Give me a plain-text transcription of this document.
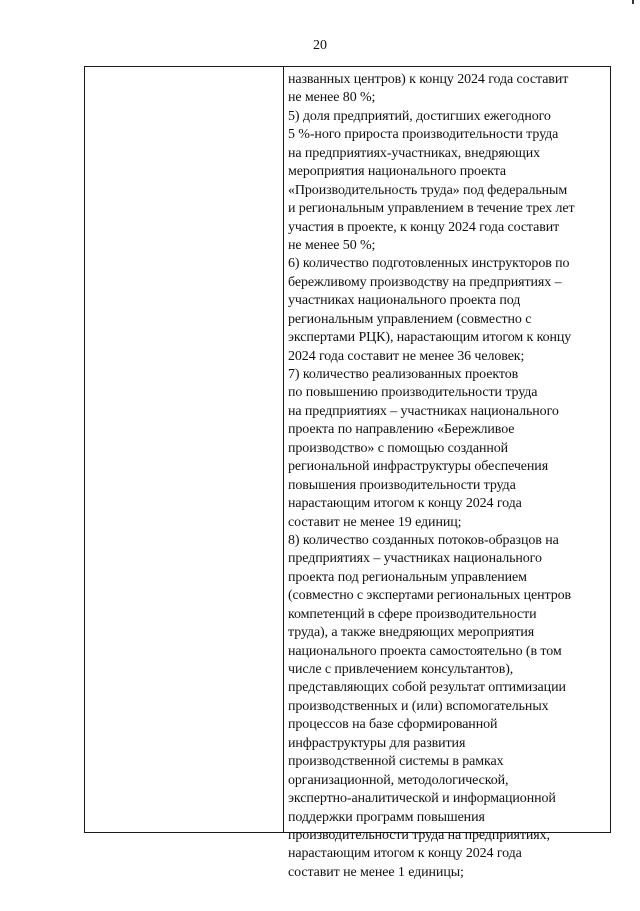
20
названных центров) к концу 2024 года составит
не менее 80 %;
5) доля предприятий, достигших ежегодного
5 %-ного прироста производительности труда
на предприятиях-участниках, внедряющих
мероприятия национального проекта
«Производительность труда» под федеральным
и региональным управлением в течение трех лет
участия в проекте, к концу 2024 года составит
не менее 50 %;
6) количество подготовленных инструкторов по
бережливому производству на предприятиях –
участниках национального проекта под
региональным управлением (совместно с
экспертами РЦК), нарастающим итогом к концу
2024 года составит не менее 36 человек;
7) количество реализованных проектов
по повышению производительности труда
на предприятиях – участниках национального
проекта по направлению «Бережливое
производство» с помощью созданной
региональной инфраструктуры обеспечения
повышения производительности труда
нарастающим итогом к концу 2024 года
составит не менее 19 единиц;
8) количество созданных потоков-образцов на
предприятиях – участниках национального
проекта под региональным управлением
(совместно с экспертами региональных центров
компетенций в сфере производительности
труда), а также внедряющих мероприятия
национального проекта самостоятельно (в том
числе с привлечением консультантов),
представляющих собой результат оптимизации
производственных и (или) вспомогательных
процессов на базе сформированной
инфраструктуры для развития
производственной системы в рамках
организационной, методологической,
экспертно-аналитической и информационной
поддержки программ повышения
производительности труда на предприятиях,
нарастающим итогом к концу 2024 года
составит не менее 1 единицы;
